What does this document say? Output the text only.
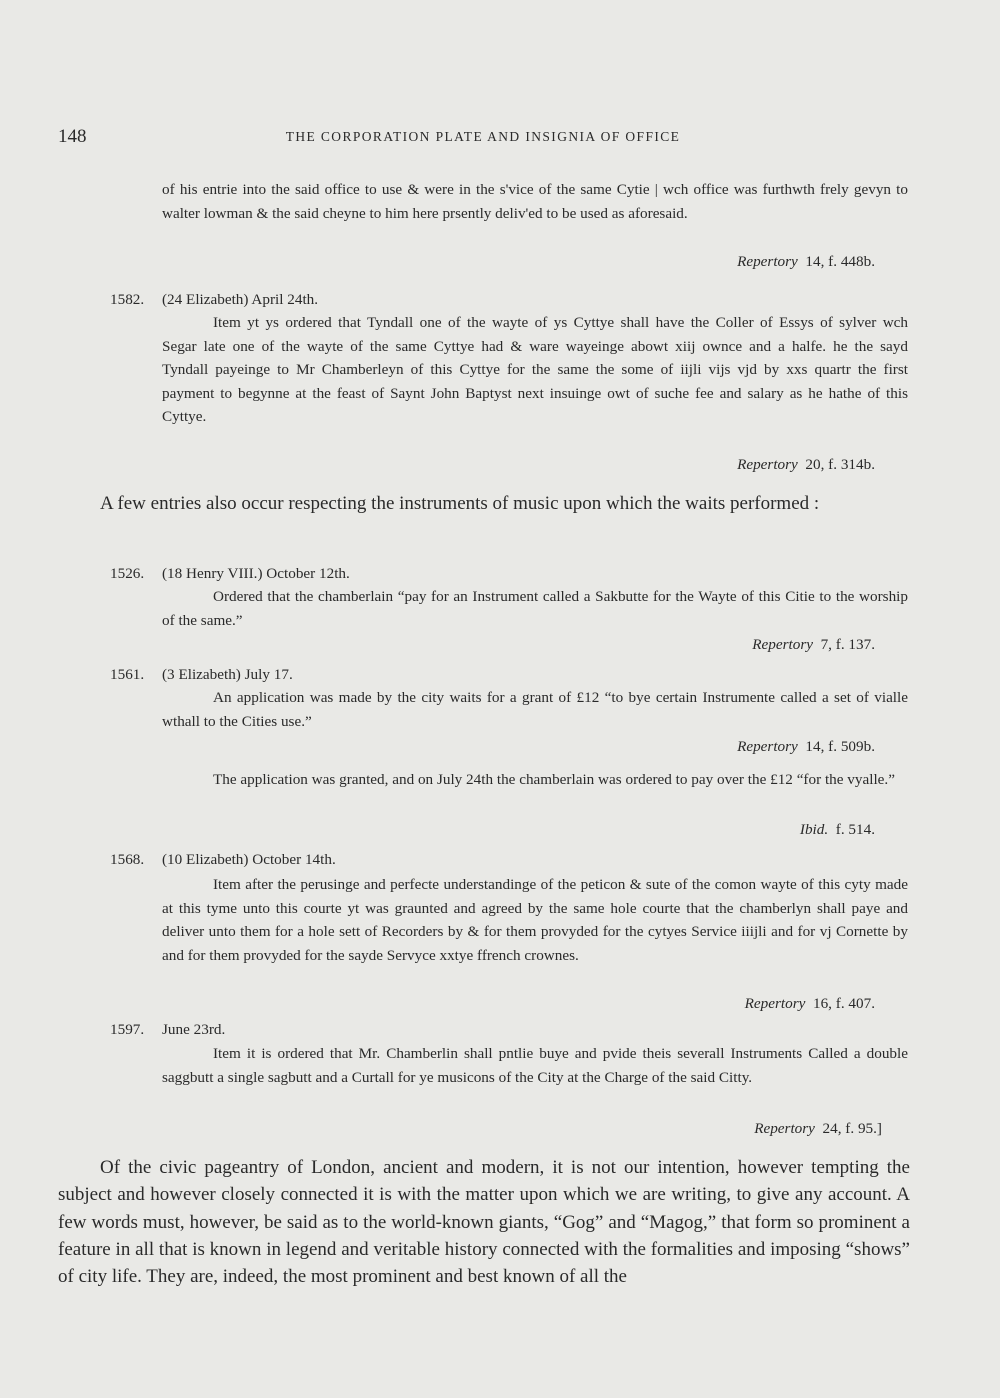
148	THE CORPORATION PLATE AND INSIGNIA OF OFFICE

of his entrie into the said office to use & were in the s'vice of the same Cytie | wch office was furthwth frely gevyn to walter lowman & the said cheyne to him here prsently deliv'ed to be used as aforesaid.

Repertory 14, f. 448b.

1582. (24 Elizabeth) April 24th.

Item yt ys ordered that Tyndall one of the wayte of ys Cyttye shall have the Coller of Essys of sylver wch Segar late one of the wayte of the same Cyttye had & ware wayeinge abowt xiij ownce and a halfe. he the sayd Tyndall payeinge to Mr Chamberleyn of this Cyttye for the same the some of iijli vijs vjd by xxs quartr the first payment to begynne at the feast of Saynt John Baptyst next insuinge owt of suche fee and salary as he hathe of this Cyttye.

Repertory 20, f. 314b.

A few entries also occur respecting the instruments of music upon which the waits performed :

1526. (18 Henry VIII.) October 12th.

Ordered that the chamberlain “pay for an Instrument called a Sakbutte for the Wayte of this Citie to the worship of the same.”

Repertory 7, f. 137.

1561. (3 Elizabeth) July 17.

An application was made by the city waits for a grant of £12 “to bye certain Instrumente called a set of vialle wthall to the Cities use.”

Repertory 14, f. 509b.

The application was granted, and on July 24th the chamberlain was ordered to pay over the £12 “for the vyalle.”

Ibid. f. 514.

1568. (10 Elizabeth) October 14th.

Item after the perusinge and perfecte understandinge of the peticon & sute of the comon wayte of this cyty made at this tyme unto this courte yt was graunted and agreed by the same hole courte that the chamberlyn shall paye and deliver unto them for a hole sett of Recorders by & for them provyded for the cytyes Service iiijli and for vj Cornette by and for them provyded for the sayde Servyce xxtye ffrench crownes.

Repertory 16, f. 407.

1597. June 23rd.

Item it is ordered that Mr. Chamberlin shall pntlie buye and pvide theis severall Instruments Called a double saggbutt a single sagbutt and a Curtall for ye musicons of the City at the Charge of the said Citty.

Repertory 24, f. 95.]

Of the civic pageantry of London, ancient and modern, it is not our intention, however tempting the subject and however closely connected it is with the matter upon which we are writing, to give any account. A few words must, however, be said as to the world-known giants, “Gog” and “Magog,” that form so prominent a feature in all that is known in legend and veritable history connected with the formalities and imposing “shows” of city life. They are, indeed, the most prominent and best known of all the
